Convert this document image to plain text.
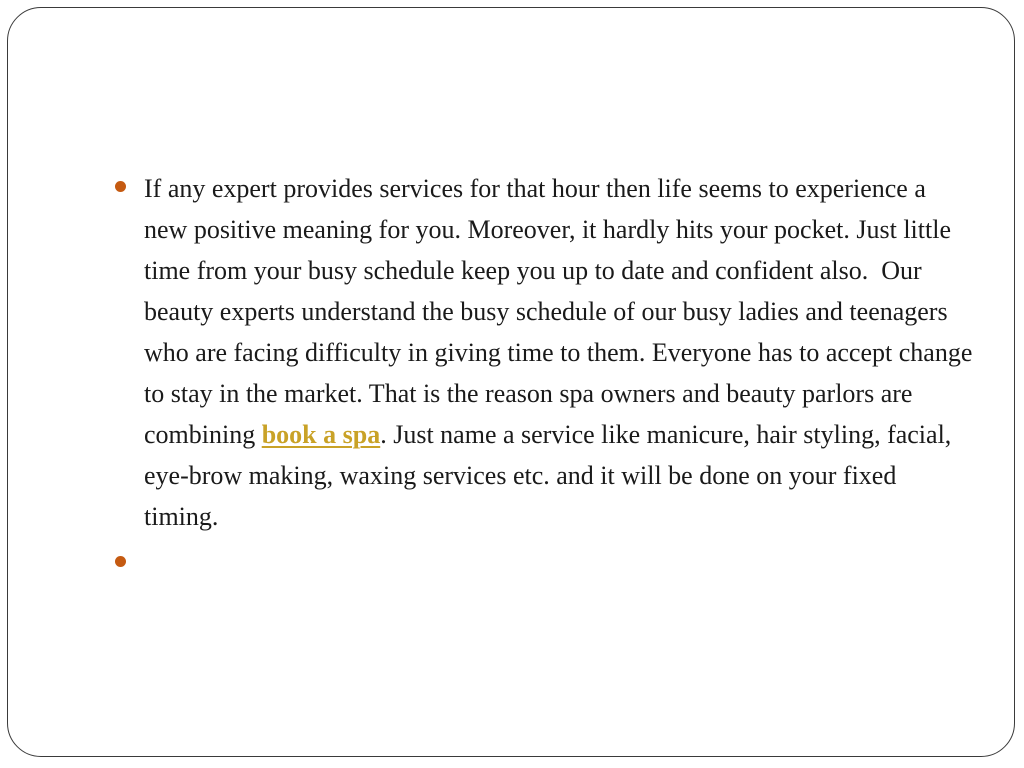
If any expert provides services for that hour then life seems to experience a new positive meaning for you. Moreover, it hardly hits your pocket. Just little time from your busy schedule keep you up to date and confident also.  Our beauty experts understand the busy schedule of our busy ladies and teenagers who are facing difficulty in giving time to them. Everyone has to accept change to stay in the market. That is the reason spa owners and beauty parlors are combining book a spa. Just name a service like manicure, hair styling, facial, eye-brow making, waxing services etc. and it will be done on your fixed timing.
